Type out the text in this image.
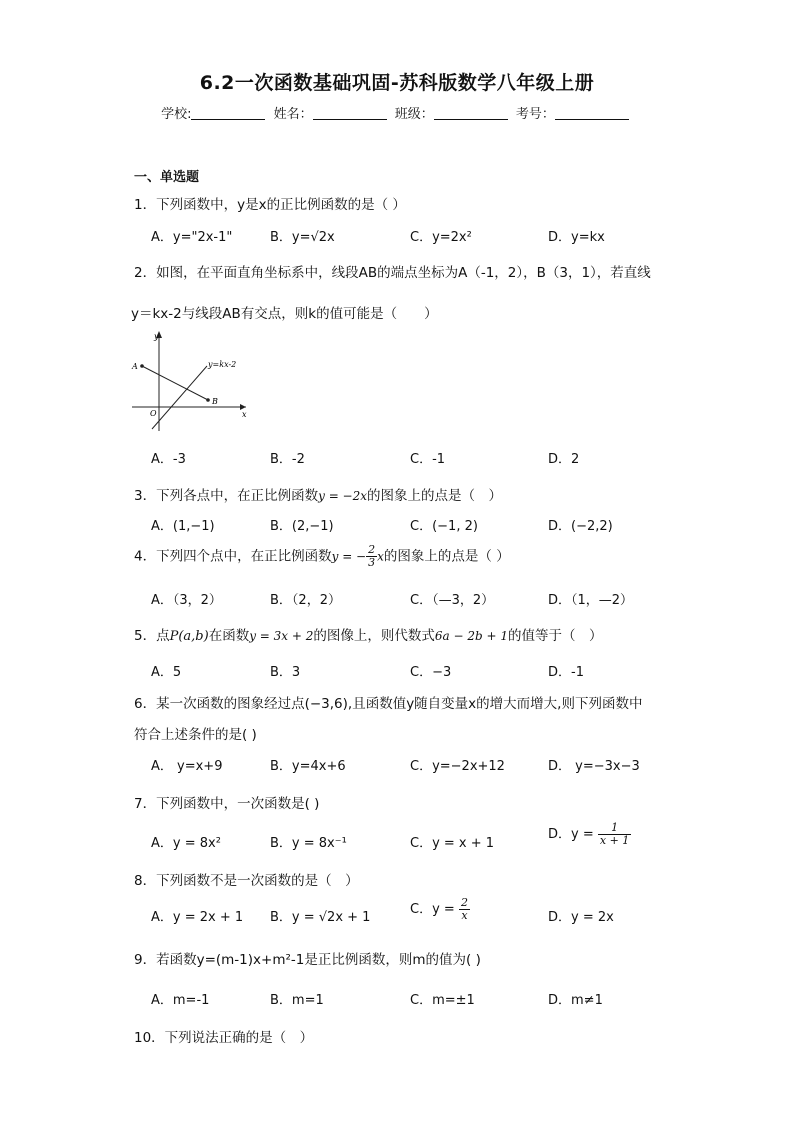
6.2一次函数基础巩固-苏科版数学八年级上册
学校:	姓名：	班级：	考号：
一、单选题
1．下列函数中，y是x的正比例函数的是（ ）
A．y="2x-1"	B．y=√2x	C．y=2x²	D．y=kx
2．如图，在平面直角坐标系中，线段AB的端点坐标为A（-1，2），B（3，1），若直线
y＝kx-2与线段AB有交点，则k的值可能是（　　）
y
x
O
A
B
y=kx-2
A．-3	B．-2	C．-1	D．2
3．下列各点中，在正比例函数y = −2x的图象上的点是（　）
A．(1,−1)	B．(2,−1)	C．(−1, 2)	D．(−2,2)
4．下列四个点中，在正比例函数y = − $\frac{2}{3}$ x的图象上的点是（ ）
A．（3，2）	B．（2，2）	C．（—3，2）	D．（1，—2）
5．点P(a,b)在函数y = 3x + 2的图像上，则代数式6a − 2b + 1的值等于（　）
A．5	B．3	C．−3	D．-1
6．某一次函数的图象经过点(−3,6),且函数值y随自变量x的增大而增大,则下列函数中
符合上述条件的是( )
A． y=x+9	B．y=4x+6	C．y=−2x+12	D． y=−3x−3
7．下列函数中，一次函数是( )
A．y = 8x²	B．y = 8x⁻¹	C．y = x + 1
D．$y = \frac{1}{x + 1}$
8．下列函数不是一次函数的是（　）
A．y = 2x + 1 B．y = √2x + 1
C．$y = \frac{2}{x}$	D．y = 2x
9．若函数y=(m-1)x+m²-1是正比例函数，则m的值为( )
A．m=-1	B．m=1	C．m=±1	D．m≠1
10．下列说法正确的是（　）
